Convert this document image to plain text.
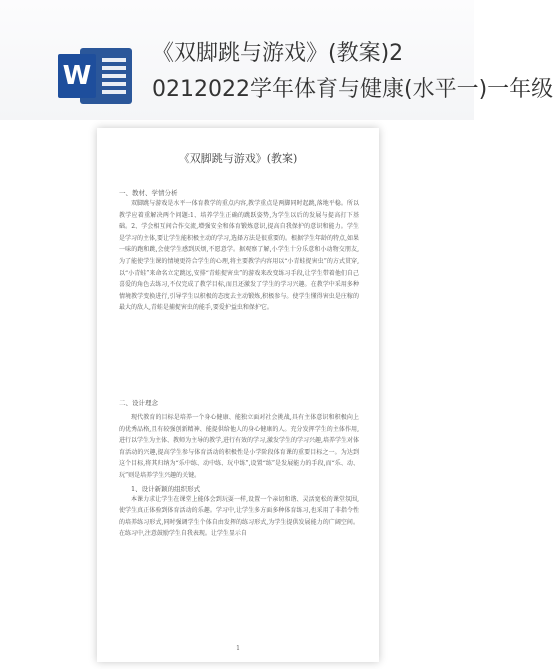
W
《双脚跳与游戏》(教案)2
0212022学年体育与健康(水平一)一年级
《双脚跳与游戏》(教案)
一、教材、学情分析

双脚跳与游戏是水平一体育教学的重点内容,教学重点是两脚同时起跳,落地平稳。所以教学应着重解决两个问题:1、培养学生正确的跳跃姿势,为学生以后的发展与提高打下基础。2、学会相互间合作交流,增强安全和体育锻炼意识,提高自我保护的意识和能力。学生是学习的主体,要让学生能积极主动的学习,选择方法是很重要的。根据学生年龄的特点,如果一味的跑和跳,会使学生感到厌烦,不愿意学。据观察了解,小学生十分乐意和小动物交朋友,为了能使学生课的情境更符合学生的心理,将主要教学内容用以“小青蛙捉害虫”的方式贯穿,以“小青蛙”来命名立定跳远,安排“青蛙捉害虫”的游戏来改变练习手段,让学生带着他们自己喜爱的角色去练习,不仅完成了教学目标,而且还激发了学生的学习兴趣。在教学中采用多种情境教学变换进行,引导学生以积极的态度去主动锻炼,积极参与。使学生懂得害虫是庄稼的最大的敌人,青蛙是捕捉害虫的能手,要爱护益虫和保护它。

二、设计理念

现代教育的目标是培养一个身心健康、能独立面对社会挑战,具有主体意识和积极向上的优秀品格,且有较强创新精神、能提供给他人的身心健康的人。充分发挥学生的主体作用,进行以学生为主体、教师为主导的教学,进行有效的学习,激发学生的学习兴趣,培养学生对体育活动的兴趣,提高学生参与体育活动的积极性是小学阶段体育课的重要目标之一。为达到这个目标,将其归纳为“乐中练、动中练、玩中练”,设置“练”是发展能力的手段,而“乐、动、玩”则是培养学生兴趣的关键。

1、设计新颖的组织形式

本课力求让学生在课堂上能体会到玩耍一样,设置一个亲切和谐、灵活宽松的课堂氛围,使学生真正体验到体育活动的乐趣。学习中,让学生多方面多种体育练习,也采用了非指令性的培养练习形式,同时强调学生个体自由发挥的练习形式,为学生提供发展能力的广阔空间。在练习中,注意鼓励学生自我表现。让学生显示自

1
